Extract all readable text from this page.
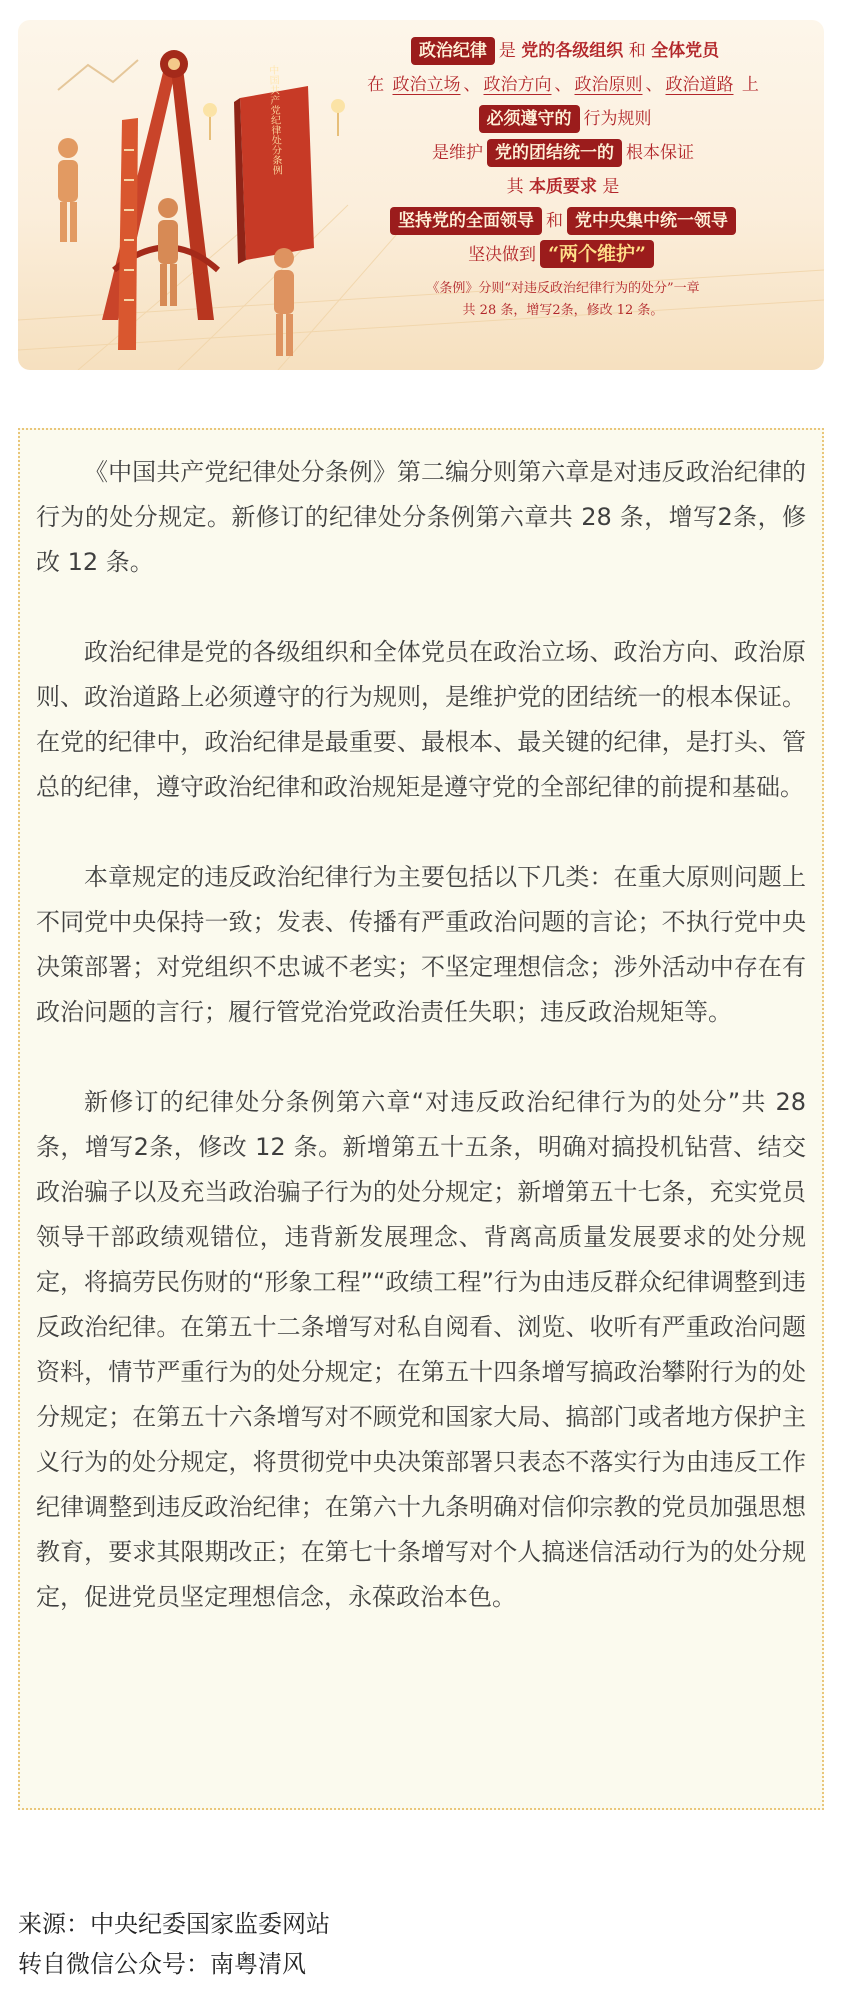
中国共产党纪律处分条例
政治纪律 是 党的各级组织 和 全体党员
在 政治立场 、 政治方向 、 政治原则 、 政治道路 上
必须遵守的 行为规则
是维护 党的团结统一的 根本保证
其 本质要求 是
坚持党的全面领导 和 党中央集中统一领导
坚决做到 “两个维护”
《条例》分则“对违反政治纪律行为的处分”一章
共 28 条，增写2条，修改 12 条。

《中国共产党纪律处分条例》第二编分则第六章是对违反政治纪律的行为的处分规定。新修订的纪律处分条例第六章共 28 条，增写2条，修改 12 条。

政治纪律是党的各级组织和全体党员在政治立场、政治方向、政治原则、政治道路上必须遵守的行为规则，是维护党的团结统一的根本保证。在党的纪律中，政治纪律是最重要、最根本、最关键的纪律，是打头、管总的纪律，遵守政治纪律和政治规矩是遵守党的全部纪律的前提和基础。

本章规定的违反政治纪律行为主要包括以下几类：在重大原则问题上不同党中央保持一致；发表、传播有严重政治问题的言论；不执行党中央决策部署；对党组织不忠诚不老实；不坚定理想信念；涉外活动中存在有政治问题的言行；履行管党治党政治责任失职；违反政治规矩等。

新修订的纪律处分条例第六章“对违反政治纪律行为的处分”共 28 条，增写2条，修改 12 条。新增第五十五条，明确对搞投机钻营、结交政治骗子以及充当政治骗子行为的处分规定；新增第五十七条，充实党员领导干部政绩观错位，违背新发展理念、背离高质量发展要求的处分规定，将搞劳民伤财的“形象工程”“政绩工程”行为由违反群众纪律调整到违反政治纪律。在第五十二条增写对私自阅看、浏览、收听有严重政治问题资料，情节严重行为的处分规定；在第五十四条增写搞政治攀附行为的处分规定；在第五十六条增写对不顾党和国家大局、搞部门或者地方保护主义行为的处分规定，将贯彻党中央决策部署只表态不落实行为由违反工作纪律调整到违反政治纪律；在第六十九条明确对信仰宗教的党员加强思想教育，要求其限期改正；在第七十条增写对个人搞迷信活动行为的处分规定，促进党员坚定理想信念，永葆政治本色。

来源：中央纪委国家监委网站
转自微信公众号：南粤清风
